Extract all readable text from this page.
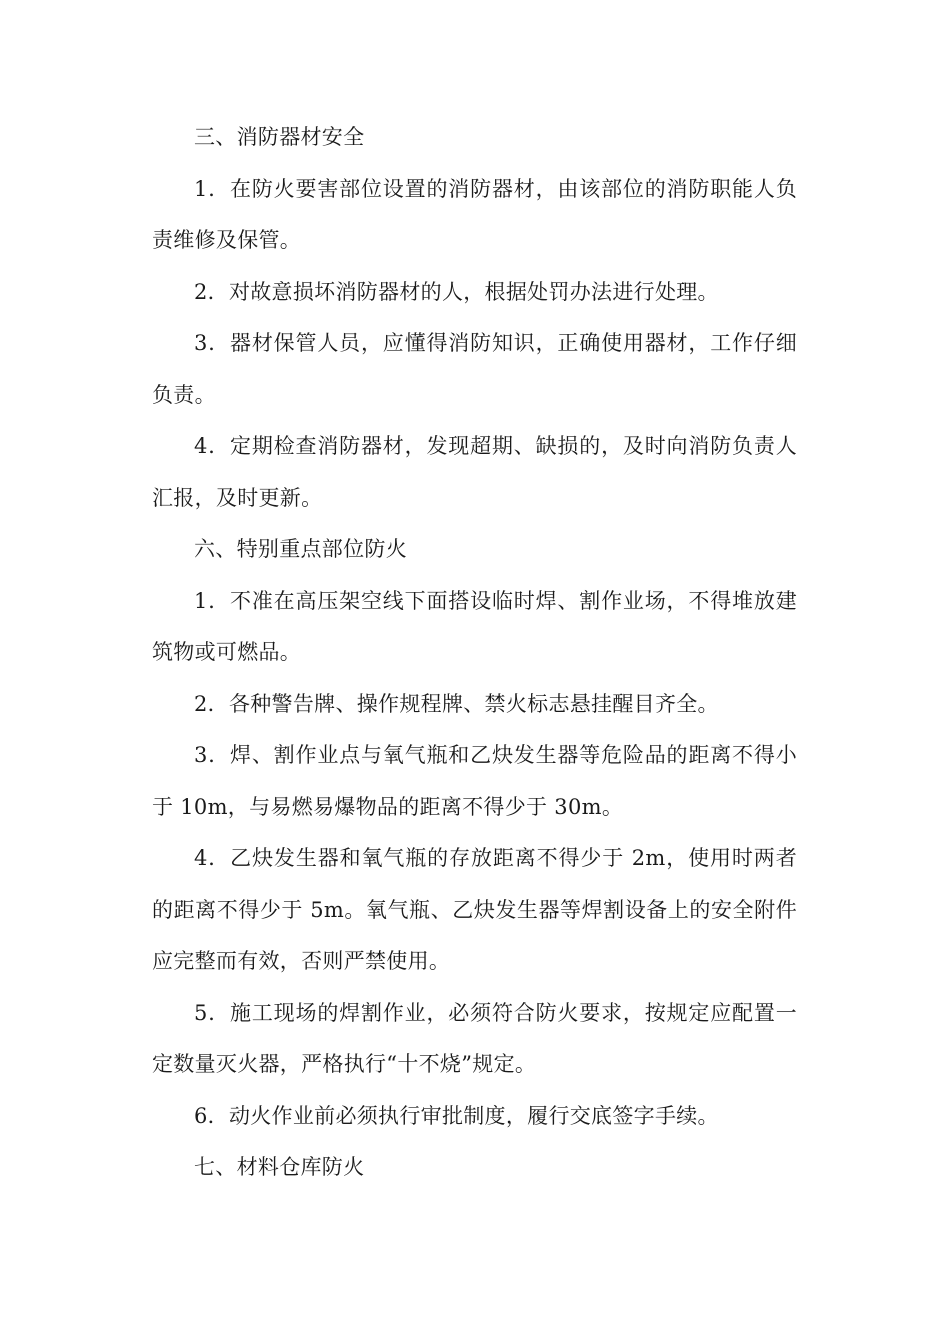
三、消防器材安全

1．在防火要害部位设置的消防器材，由该部位的消防职能人负责维修及保管。

2．对故意损坏消防器材的人，根据处罚办法进行处理。

3．器材保管人员，应懂得消防知识，正确使用器材，工作仔细负责。

4．定期检查消防器材，发现超期、缺损的，及时向消防负责人汇报，及时更新。

六、特别重点部位防火

1．不准在高压架空线下面搭设临时焊、割作业场，不得堆放建筑物或可燃品。

2．各种警告牌、操作规程牌、禁火标志悬挂醒目齐全。

3．焊、割作业点与氧气瓶和乙炔发生器等危险品的距离不得小于 10m，与易燃易爆物品的距离不得少于 30m。

4．乙炔发生器和氧气瓶的存放距离不得少于 2m，使用时两者的距离不得少于 5m。氧气瓶、乙炔发生器等焊割设备上的安全附件应完整而有效，否则严禁使用。

5．施工现场的焊割作业，必须符合防火要求，按规定应配置一定数量灭火器，严格执行“十不烧”规定。

6．动火作业前必须执行审批制度，履行交底签字手续。

七、材料仓库防火
